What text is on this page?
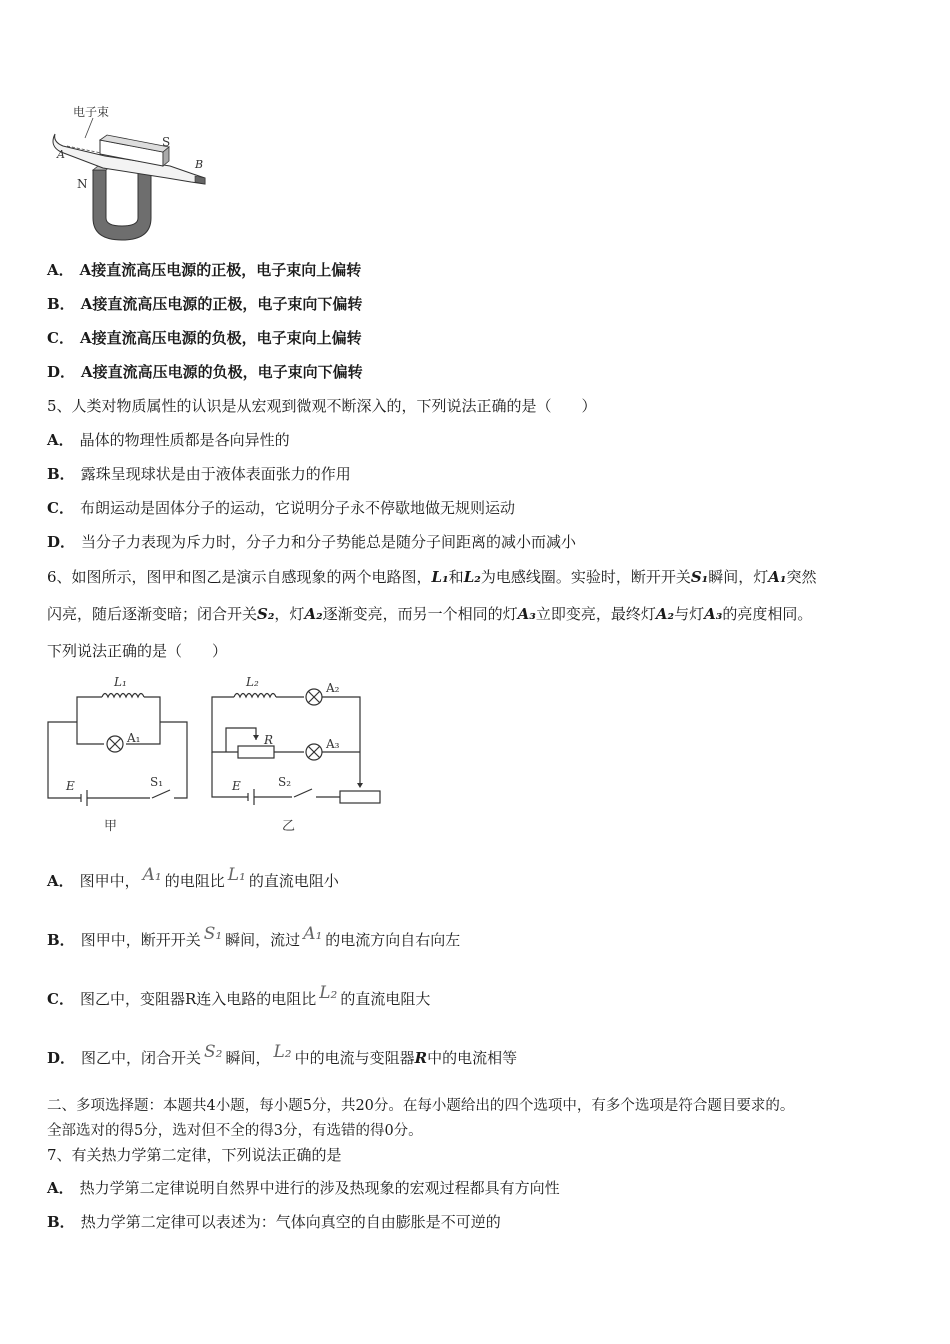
电子束
A
B
S
N
A． A接直流高压电源的正极，电子束向上偏转
B． A接直流高压电源的正极，电子束向下偏转
C． A接直流高压电源的负极，电子束向上偏转
D． A接直流高压电源的负极，电子束向下偏转
5、人类对物质属性的认识是从宏观到微观不断深入的，下列说法正确的是（　　）
A． 晶体的物理性质都是各向异性的
B． 露珠呈现球状是由于液体表面张力的作用
C． 布朗运动是固体分子的运动，它说明分子永不停歇地做无规则运动
D． 当分子力表现为斥力时，分子力和分子势能总是随分子间距离的减小而减小
6、如图所示，图甲和图乙是演示自感现象的两个电路图，L₁和L₂为电感线圈。实验时，断开开关S₁瞬间，灯A₁突然
闪亮，随后逐渐变暗；闭合开关S₂，灯A₂逐渐变亮，而另一个相同的灯A₃立即变亮，最终灯A₂与灯A₃的亮度相同。
下列说法正确的是（　　）
L₁
A₁
E	S₁
甲
L₂	A₂
R	A₃
E	S₂
乙
A． 图甲中， A₁ 的电阻比 L₁ 的直流电阻小
B． 图甲中，断开开关 S₁ 瞬间，流过 A₁ 的电流方向自右向左
C． 图乙中，变阻器R连入电路的电阻比 L₂ 的直流电阻大
D． 图乙中，闭合开关 S₂ 瞬间， L₂ 中的电流与变阻器R中的电流相等
二、多项选择题：本题共4小题，每小题5分，共20分。在每小题给出的四个选项中，有多个选项是符合题目要求的。
全部选对的得5分，选对但不全的得3分，有选错的得0分。
7、有关热力学第二定律，下列说法正确的是
A． 热力学第二定律说明自然界中进行的涉及热现象的宏观过程都具有方向性
B． 热力学第二定律可以表述为：气体向真空的自由膨胀是不可逆的
